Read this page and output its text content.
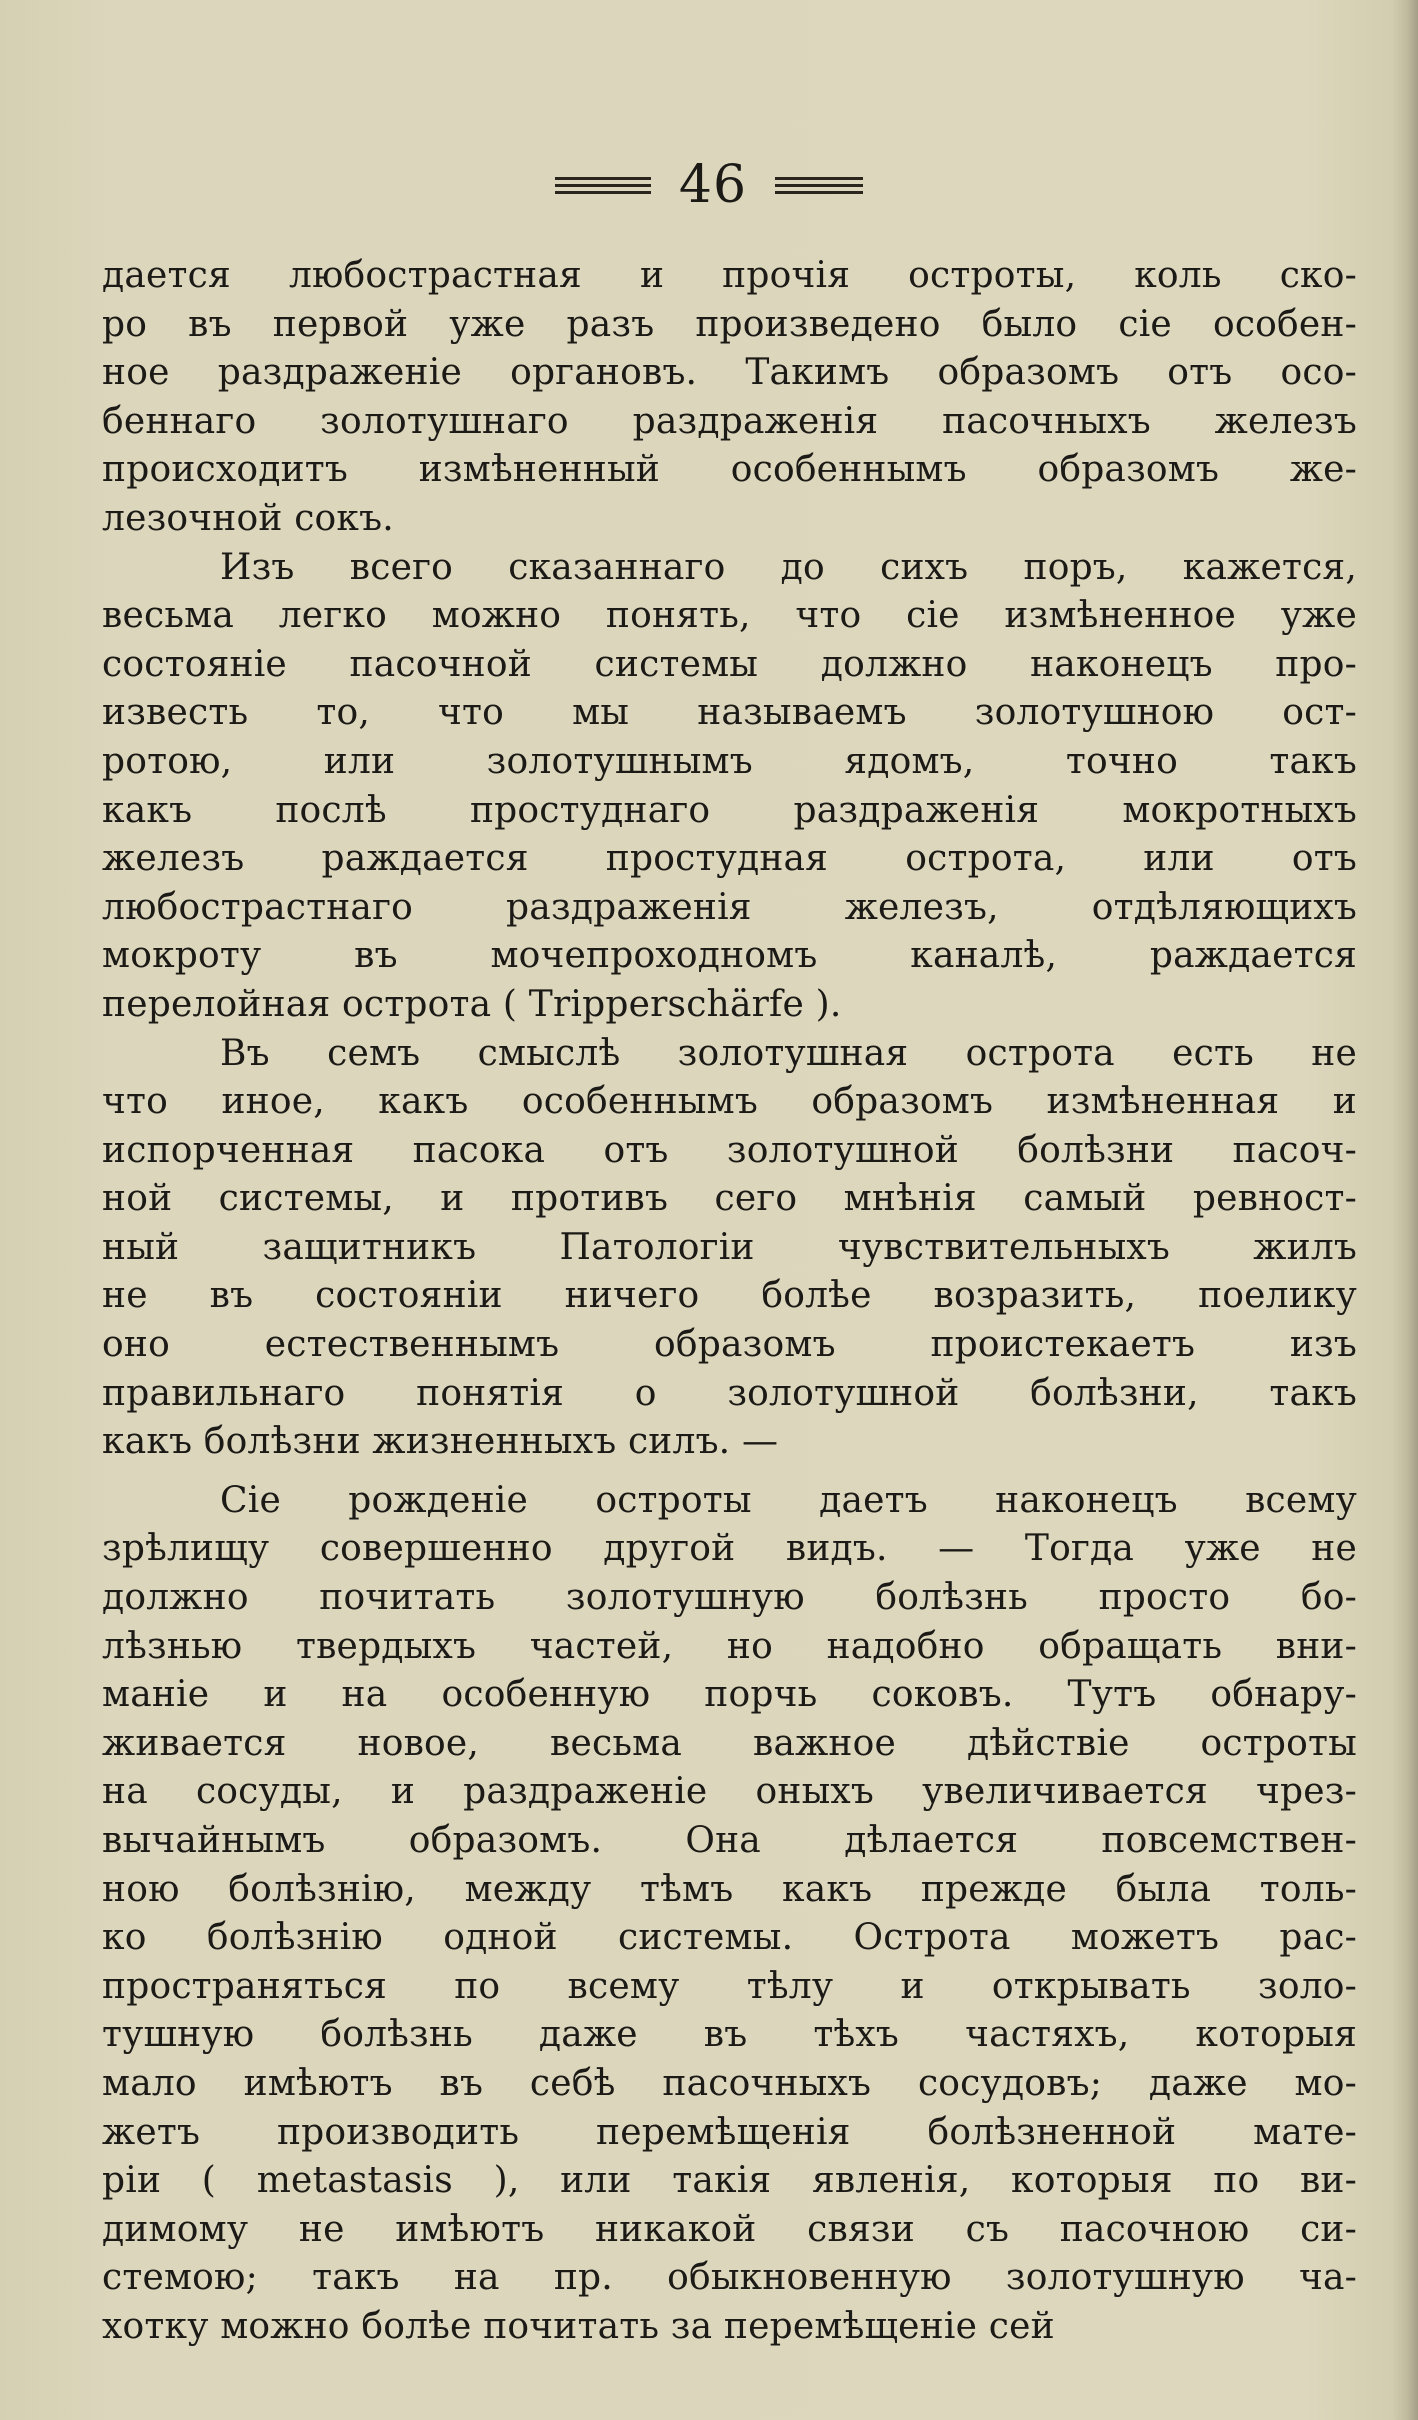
46
дается любострастная и прочія остроты, коль ско-
ро въ первой уже разъ произведено было сіе особен-
ное раздраженіе органовъ. Такимъ образомъ отъ осо-
беннаго золотушнаго раздраженія пасочныхъ железъ
происходитъ измѣненный особеннымъ образомъ же-
лезочной сокъ.
Изъ всего сказаннаго до сихъ поръ, кажется,
весьма легко можно понять, что сіе измѣненное уже
состояніе пасочной системы должно наконецъ про-
известь то, что мы называемъ золотушною ост-
ротою, или золотушнымъ ядомъ, точно такъ
какъ послѣ простуднаго раздраженія мокротныхъ
железъ раждается простудная острота, или отъ
любострастнаго раздраженія железъ, отдѣляющихъ
мокроту въ мочепроходномъ каналѣ, раждается
перелойная острота ( Tripperschärfe ).
Въ семъ смыслѣ золотушная острота есть не
что иное, какъ особеннымъ образомъ измѣненная и
испорченная пасока отъ золотушной болѣзни пасоч-
ной системы, и противъ сего мнѣнія самый ревност-
ный защитникъ Патологіи чувствительныхъ жилъ
не въ состояніи ничего болѣе возразить, поелику
оно естественнымъ образомъ проистекаетъ изъ
правильнаго понятія о золотушной болѣзни, такъ
какъ болѣзни жизненныхъ силъ. —
Сіе рожденіе остроты даетъ наконецъ всему
зрѣлищу совершенно другой видъ. — Тогда уже не
должно почитать золотушную болѣзнь просто бо-
лѣзнью твердыхъ частей, но надобно обращать вни-
маніе и на особенную порчь соковъ. Тутъ обнару-
живается новое, весьма важное дѣйствіе остроты
на сосуды, и раздраженіе оныхъ увеличивается чрез-
вычайнымъ образомъ. Она дѣлается повсемствен-
ною болѣзнію, между тѣмъ какъ прежде была толь-
ко болѣзнію одной системы. Острота можетъ рас-
пространяться по всему тѣлу и открывать золо-
тушную болѣзнь даже въ тѣхъ частяхъ, которыя
мало имѣютъ въ себѣ пасочныхъ сосудовъ; даже мо-
жетъ производить перемѣщенія болѣзненной мате-
ріи ( metastasis ), или такія явленія, которыя по ви-
димому не имѣютъ никакой связи съ пасочною си-
стемою; такъ на пр. обыкновенную золотушную ча-
хотку можно болѣе почитать за перемѣщеніе сей
